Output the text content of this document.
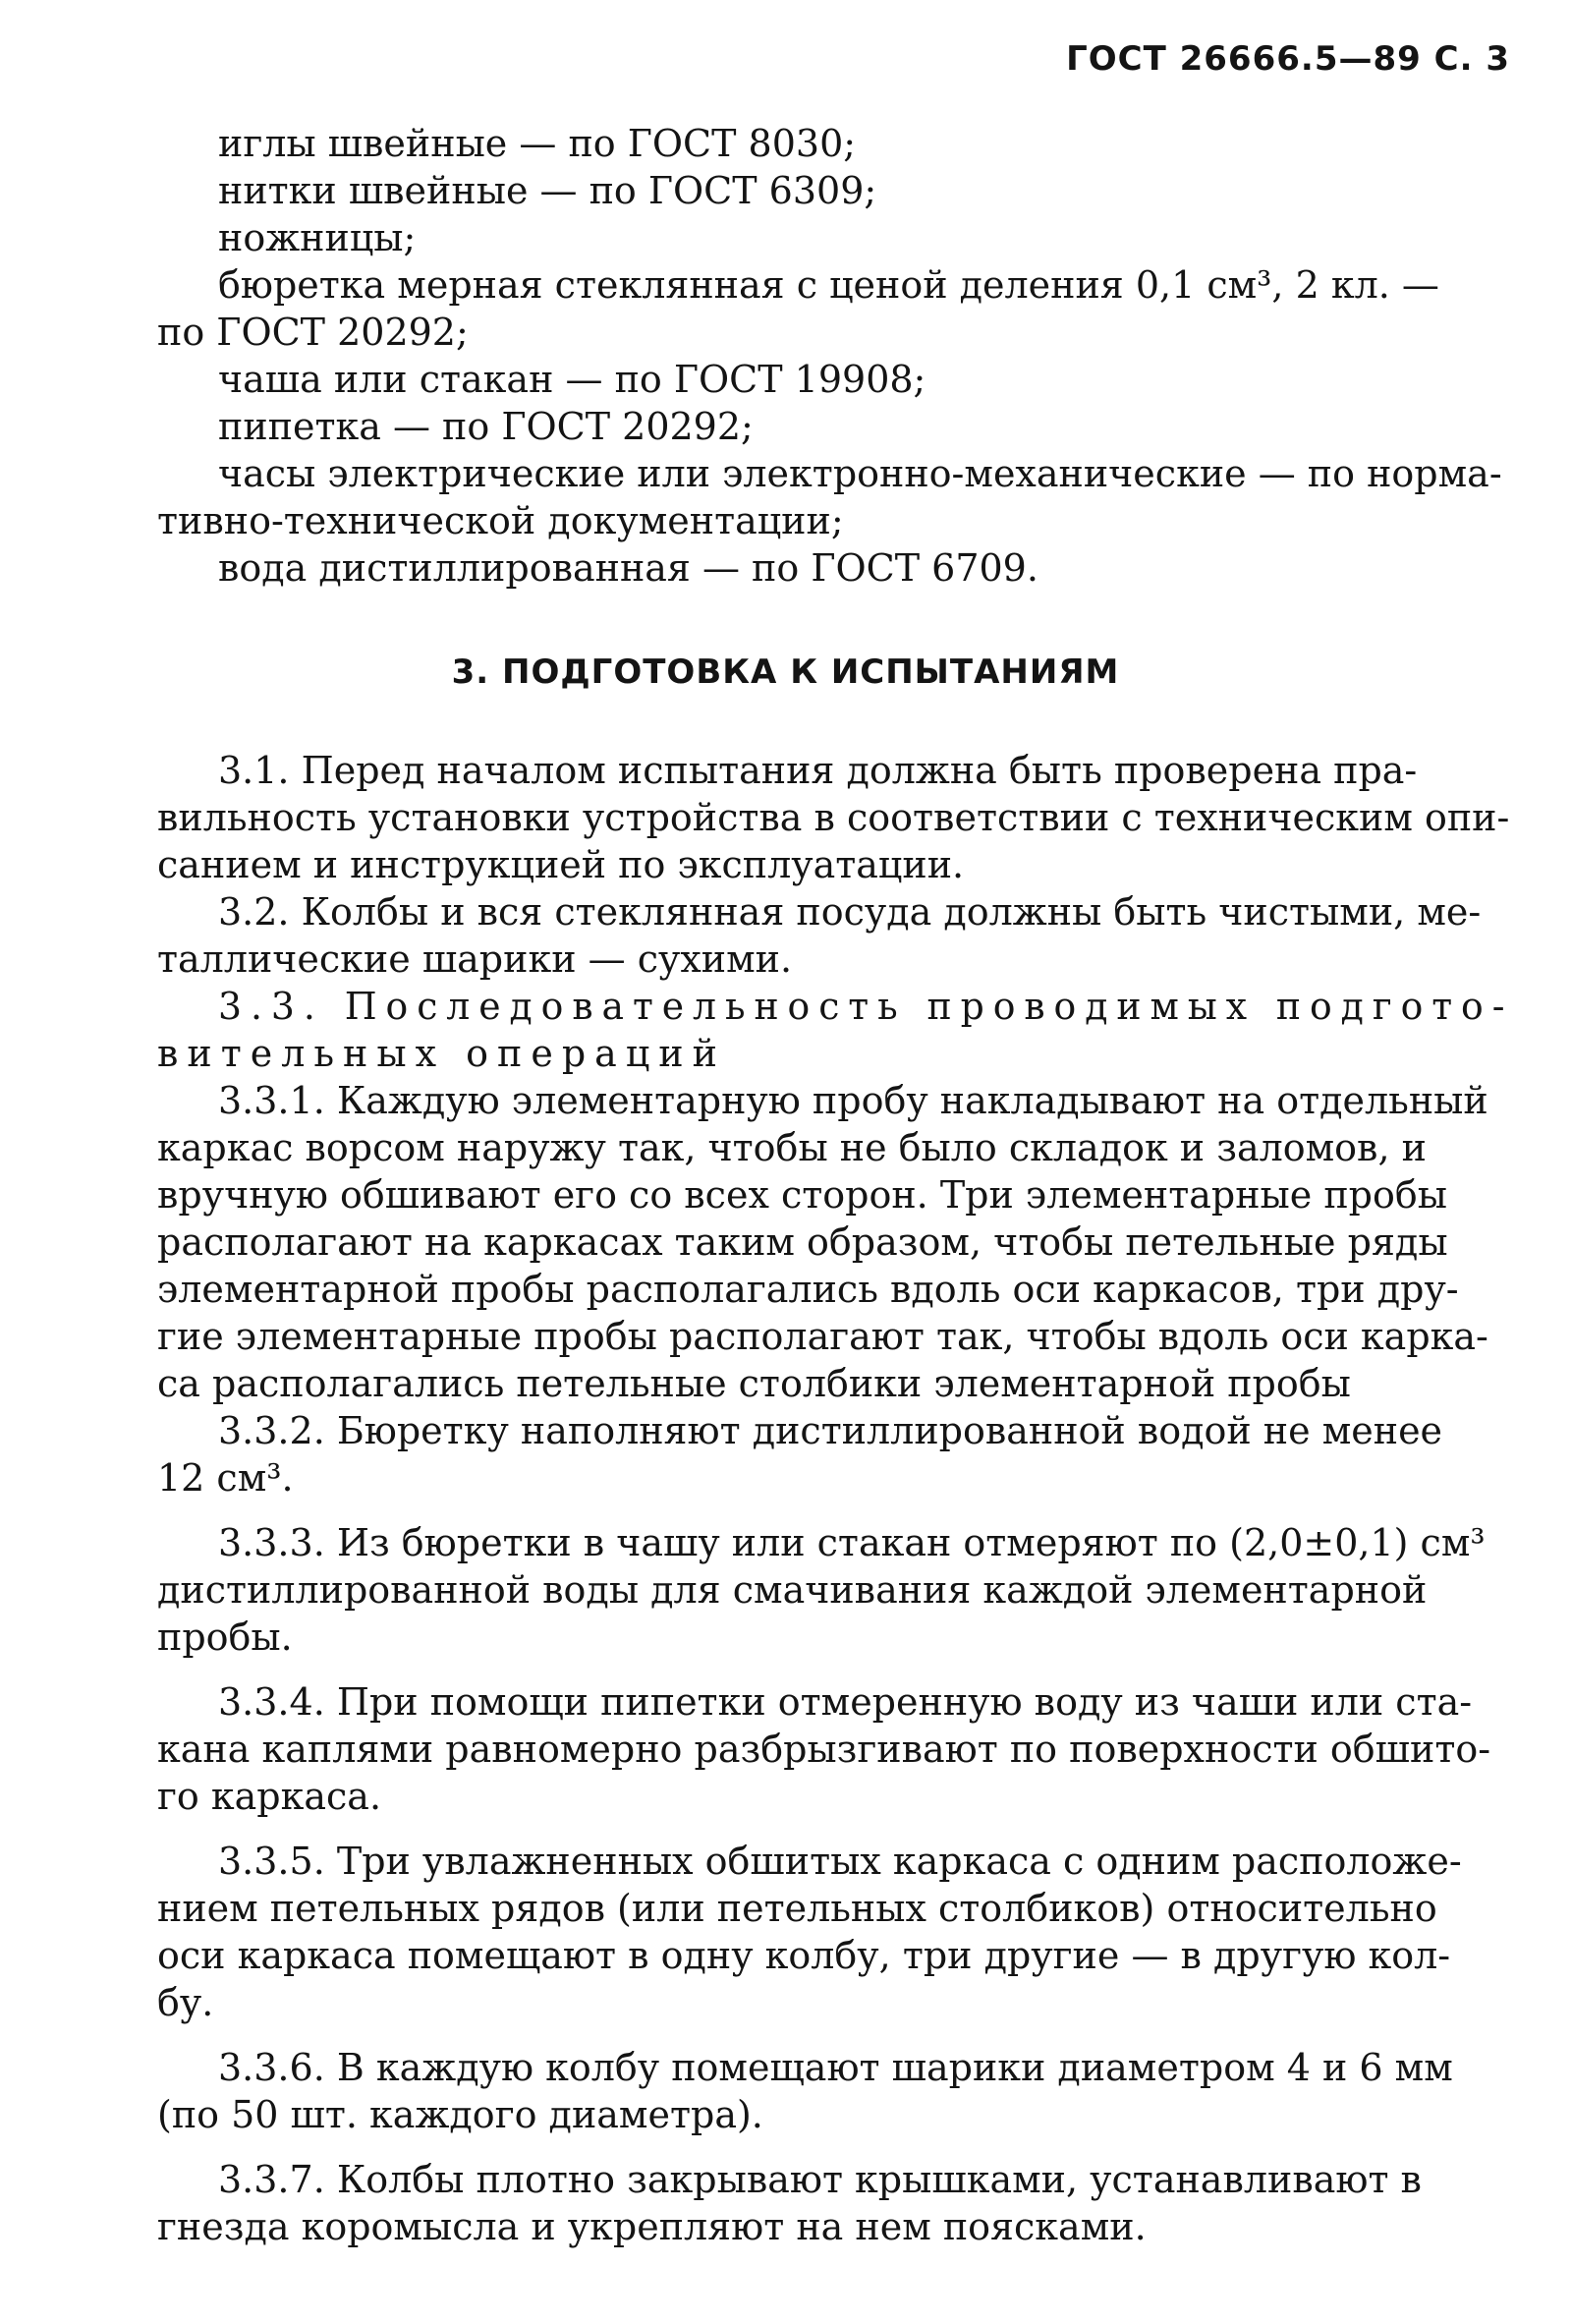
ГОСТ 26666.5—89 С. 3
иглы швейные — по ГОСТ 8030;
нитки швейные — по ГОСТ 6309;
ножницы;
бюретка мерная стеклянная с ценой деления 0,1 см³, 2 кл. —
по ГОСТ 20292;
чаша или стакан — по ГОСТ 19908;
пипетка — по ГОСТ 20292;
часы электрические или электронно-механические — по норма-
тивно-технической документации;
вода дистиллированная — по ГОСТ 6709.
3. ПОДГОТОВКА К ИСПЫТАНИЯМ
3.1. Перед началом испытания должна быть проверена пра-
вильность установки устройства в соответствии с техническим опи-
санием и инструкцией по эксплуатации.
3.2. Колбы и вся стеклянная посуда должны быть чистыми, ме-
таллические шарики — сухими.
3.3. Последовательность проводимых подгото-
вительных операций
3.3.1. Каждую элементарную пробу накладывают на отдельный
каркас ворсом наружу так, чтобы не было складок и заломов, и
вручную обшивают его со всех сторон. Три элементарные пробы
располагают на каркасах таким образом, чтобы петельные ряды
элементарной пробы располагались вдоль оси каркасов, три дру-
гие элементарные пробы располагают так, чтобы вдоль оси карка-
са располагались петельные столбики элементарной пробы
3.3.2. Бюретку наполняют дистиллированной водой не менее
12 см³.
3.3.3. Из бюретки в чашу или стакан отмеряют по (2,0±0,1) см³
дистиллированной воды для смачивания каждой элементарной
пробы.
3.3.4. При помощи пипетки отмеренную воду из чаши или ста-
кана каплями равномерно разбрызгивают по поверхности обшито-
го каркаса.
3.3.5. Три увлажненных обшитых каркаса с одним расположе-
нием петельных рядов (или петельных столбиков) относительно
оси каркаса помещают в одну колбу, три другие — в другую кол-
бу.
3.3.6. В каждую колбу помещают шарики диаметром 4 и 6 мм
(по 50 шт. каждого диаметра).
3.3.7. Колбы плотно закрывают крышками, устанавливают в
гнезда коромысла и укрепляют на нем поясками.
